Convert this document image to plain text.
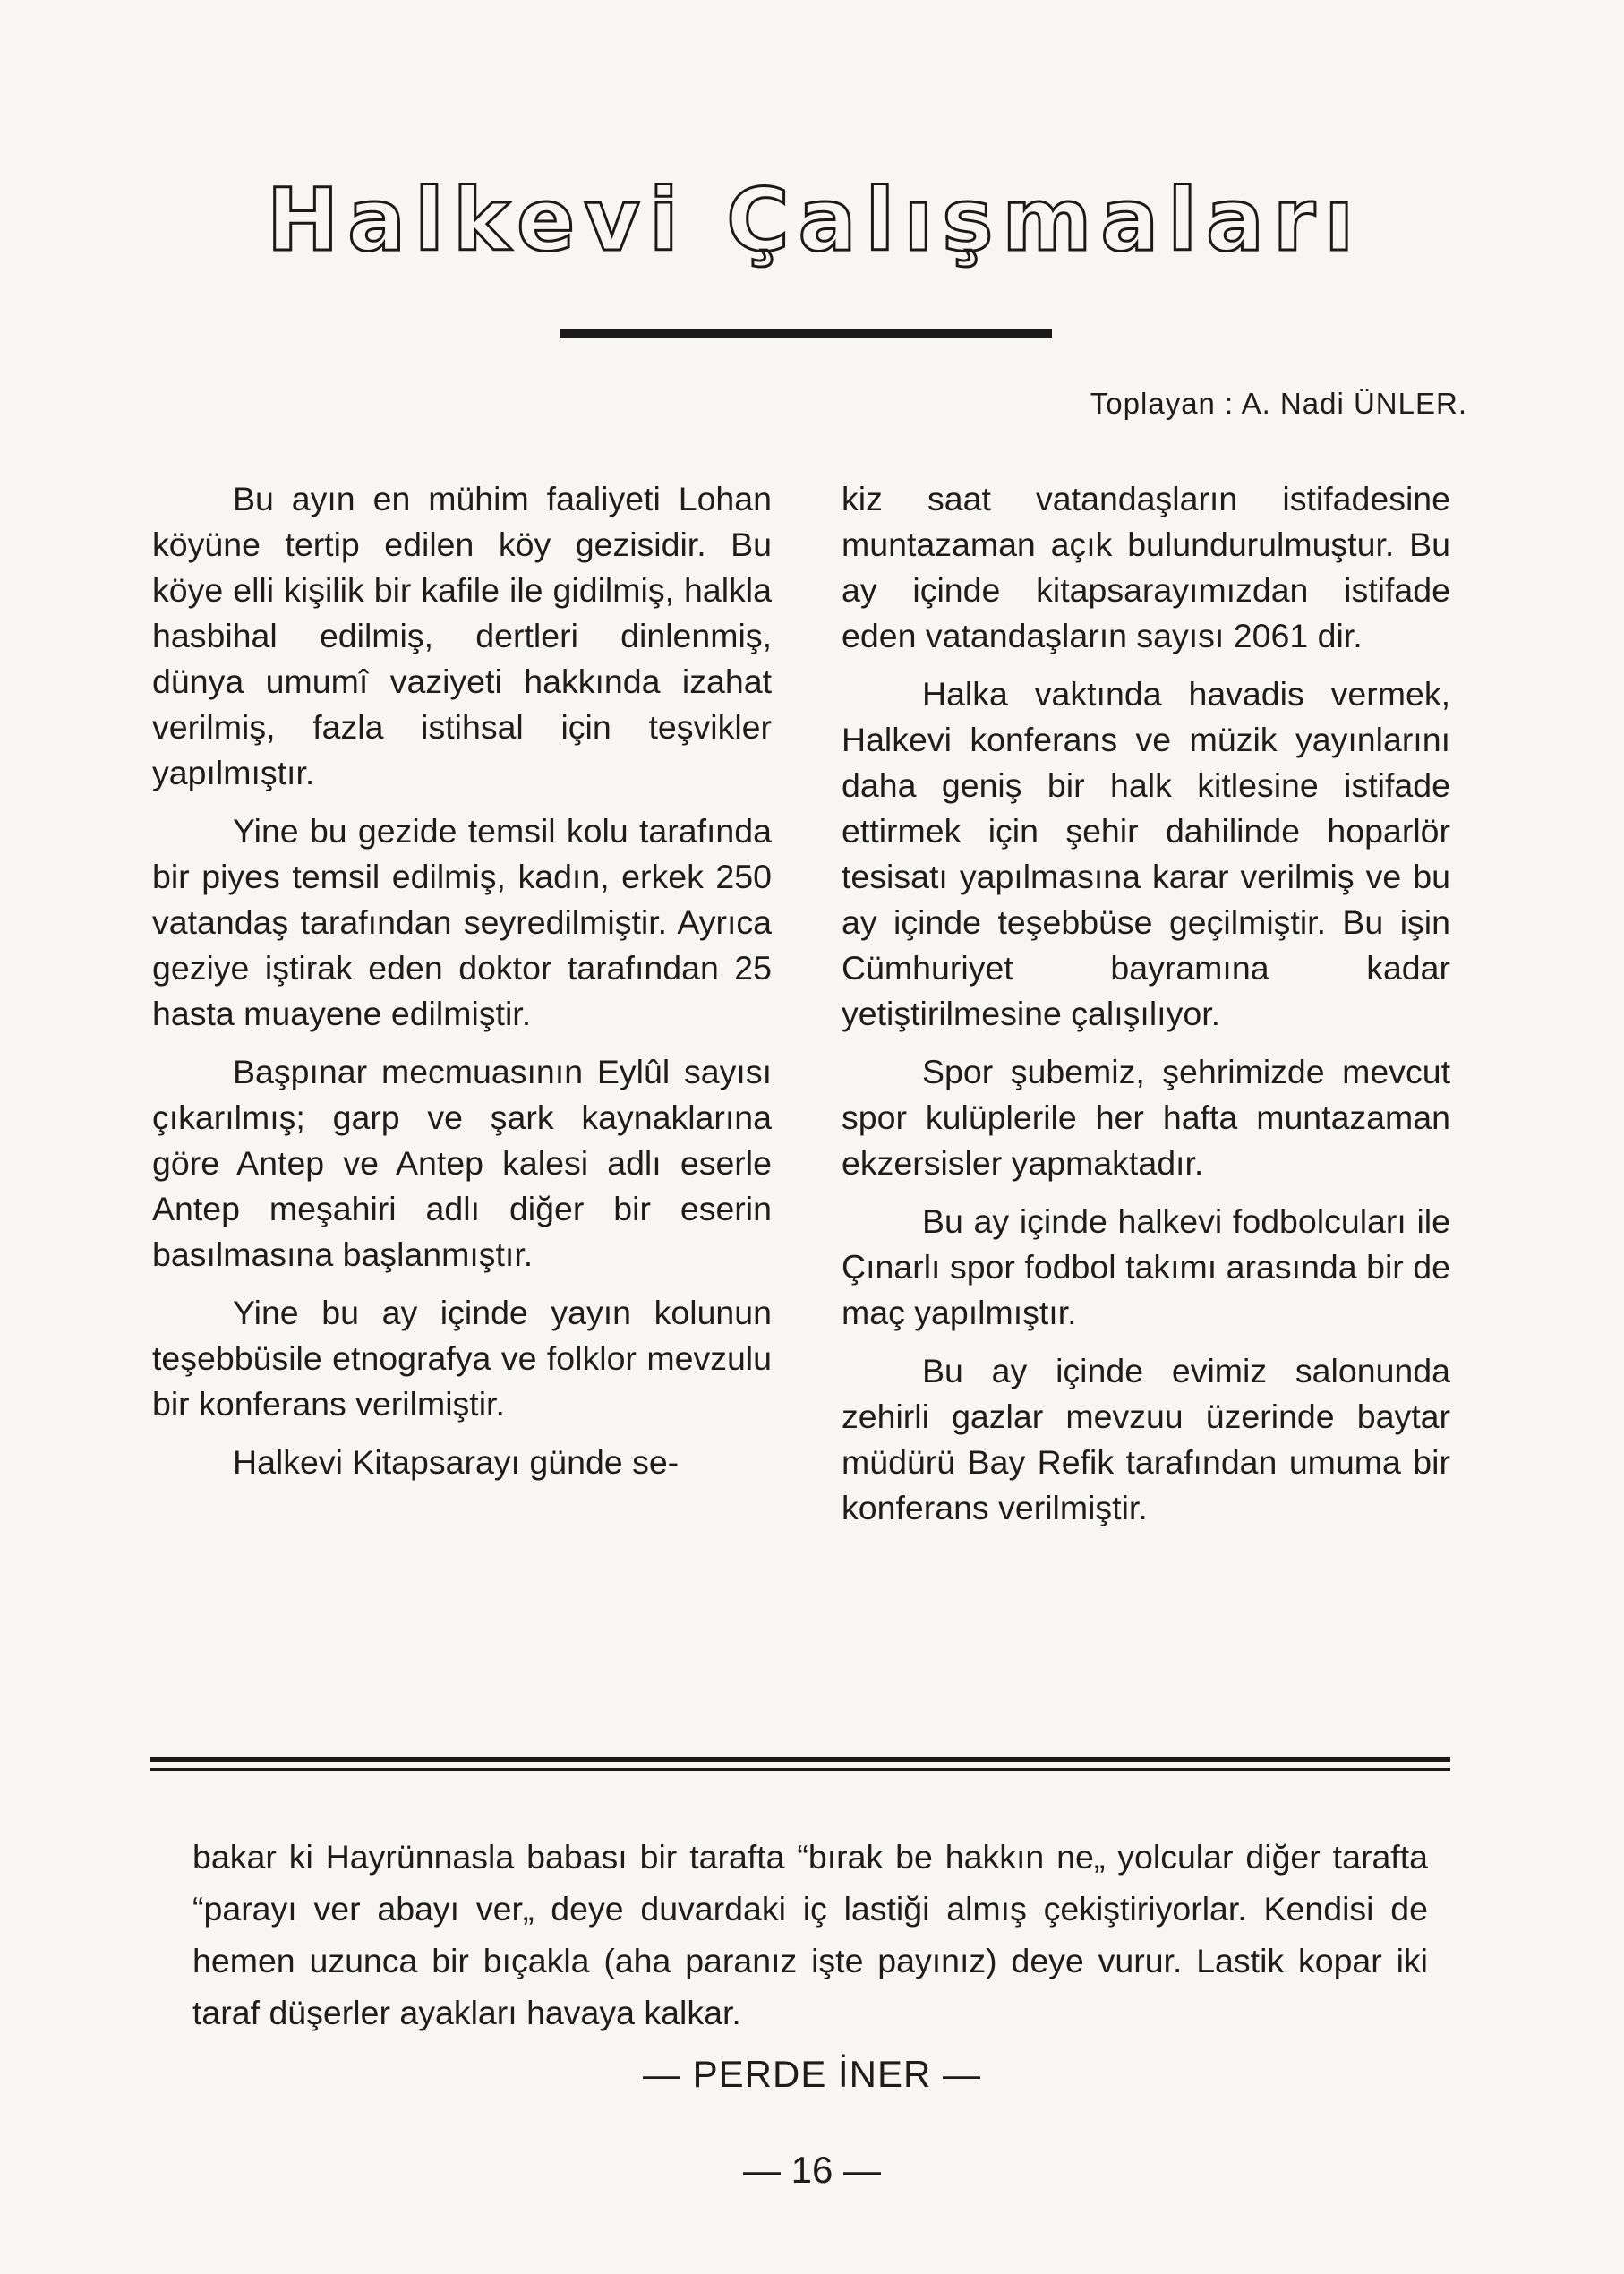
Halkevi Çalışmaları
Toplayan : A. Nadi ÜNLER.

Bu ayın en mühim faaliyeti Lohan köyüne tertip edilen köy gezisidir. Bu köye elli kişilik bir kafile ile gidilmiş, halkla hasbihal edilmiş, dertleri dinlenmiş, dünya umumî vaziyeti hakkında izahat verilmiş, fazla istihsal için teşvikler yapılmıştır.

Yine bu gezide temsil kolu tarafında bir piyes temsil edilmiş, kadın, erkek 250 vatandaş tarafından seyredilmiştir. Ayrıca geziye iştirak eden doktor tarafından 25 hasta muayene edilmiştir.

Başpınar mecmuasının Eylûl sayısı çıkarılmış; garp ve şark kaynaklarına göre Antep ve Antep kalesi adlı eserle Antep meşahiri adlı diğer bir eserin basılmasına başlanmıştır.

Yine bu ay içinde yayın kolunun teşebbüsile etnografya ve folklor mevzulu bir konferans verilmiştir.

Halkevi Kitapsarayı günde se-

kiz saat vatandaşların istifadesine muntazaman açık bulundurulmuştur. Bu ay içinde kitapsarayımızdan istifade eden vatandaşların sayısı 2061 dir.

Halka vaktında havadis vermek, Halkevi konferans ve müzik yayınlarını daha geniş bir halk kitlesine istifade ettirmek için şehir dahilinde hoparlör tesisatı yapılmasına karar verilmiş ve bu ay içinde teşebbüse geçilmiştir. Bu işin Cümhuriyet bayramına kadar yetiştirilmesine çalışılıyor.

Spor şubemiz, şehrimizde mevcut spor kulüplerile her hafta muntazaman ekzersisler yapmaktadır.

Bu ay içinde halkevi fodbolcuları ile Çınarlı spor fodbol takımı arasında bir de maç yapılmıştır.

Bu ay içinde evimiz salonunda zehirli gazlar mevzuu üzerinde baytar müdürü Bay Refik tarafından umuma bir konferans verilmiştir.

bakar ki Hayrünnasla babası bir tarafta “bırak be hakkın ne„ yolcular diğer tarafta “parayı ver abayı ver„ deye duvardaki iç lastiği almış çekiştiriyorlar. Kendisi de hemen uzunca bir bıçakla (aha paranız işte payınız) deye vurur. Lastik kopar iki taraf düşerler ayakları havaya kalkar.

— PERDE İNER —
— 16 —
